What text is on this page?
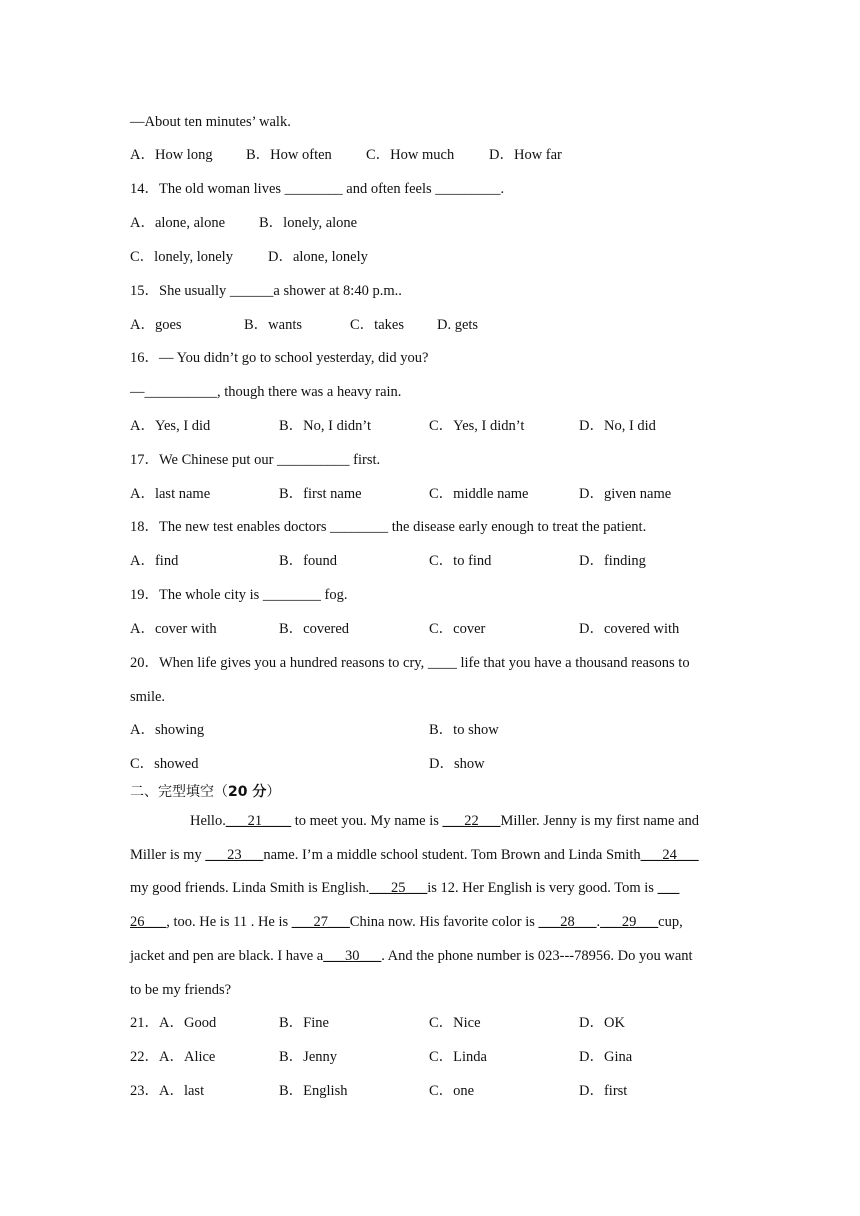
—About ten minutes’ walk.
A．How long B．How often C．How much D．How far
14．The old woman lives ________ and often feels _________.
A．alone, alone B．lonely, alone
C．lonely, lonely D．alone, lonely
15．She usually ______a shower at 8:40 p.m..
A．goes	B．wants	C．takes D. gets
16．— You didn’t go to school yesterday, did you?
—__________, though there was a heavy rain.
A．Yes, I did	B．No, I didn’t	C．Yes, I didn’t	D．No, I did
17．We Chinese put our __________ first.
A．last name	B．first name	C．middle name	D．given name
18．The new test enables doctors ________ the disease early enough to treat the patient.
A．find	B．found	C．to find	D．finding
19．The whole city is ________ fog.
A．cover with	B．covered	C．cover	D．covered with
20．When life gives you a hundred reasons to cry, ____ life that you have a thousand reasons to
smile.
A．showing	B．to show
C．showed	D．show
二、完型填空（20 分）
Hello.___21____ to meet you. My name is ___22___Miller. Jenny is my first name and
Miller is my ___23___name. I’m a middle school student. Tom Brown and Linda Smith___24___
my good friends. Linda Smith is English.___25___is 12. Her English is very good. Tom is ___
26___, too. He is 11 . He is ___27___China now. His favorite color is ___28___.___29___cup,
jacket and pen are black. I have a___30___. And the phone number is 023---78956. Do you want
to be my friends?
21．A．Good	B．Fine	C．Nice	D．OK
22．A．Alice	B．Jenny	C．Linda	D．Gina
23．A．last	B．English	C．one	D．first
